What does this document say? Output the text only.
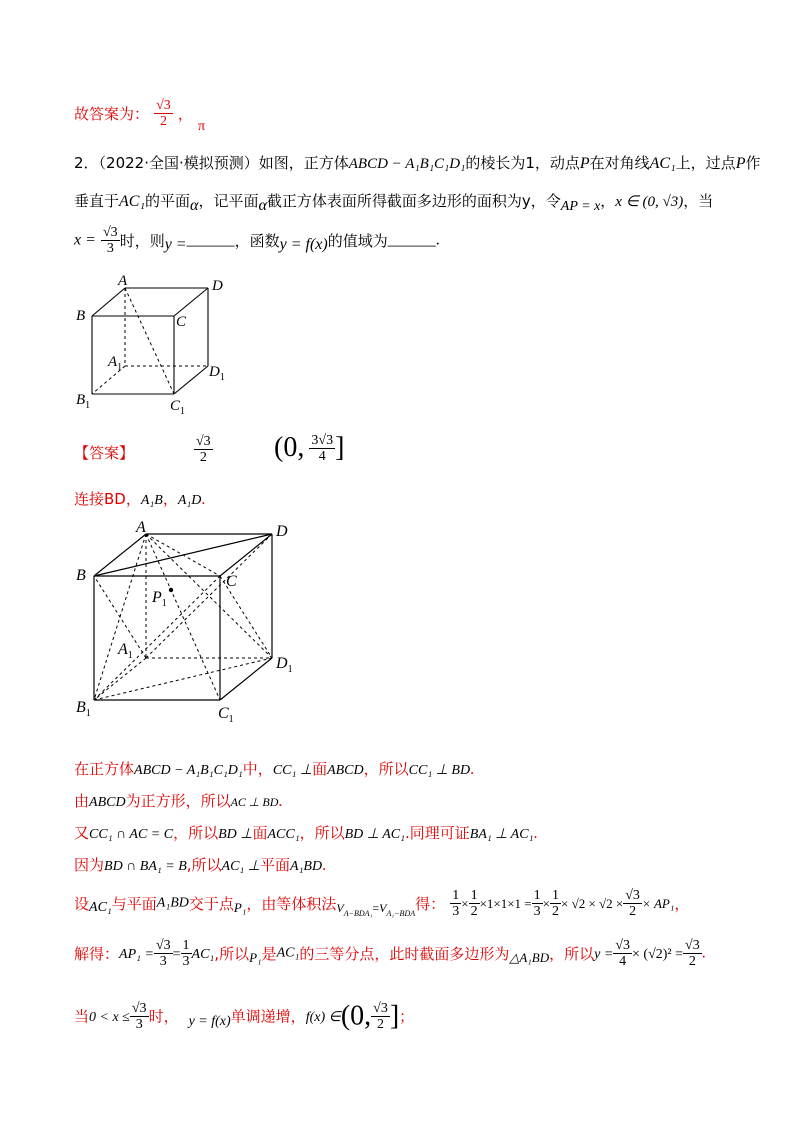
故答案为： $\frac{√3}{2}$ ， π
2．（2022·全国·模拟预测）如图，正方体ABCD − A₁B₁C₁D₁的棱长为1，动点P在对角线AC₁上，过点P作
垂直于AC₁的平面α，记平面α截正方体表面所得截面多边形的面积为y，令AP = x，x ∈ (0, √3)，当
$x = \frac{√3}{3}$ 时，则y =______，函数y = f(x)的值域为______.
A	D
B	C
$A_1$	$D_1$
$B_1$	$C_1$
【答案】	$\frac{√3}{2} (0$, $\frac{3√3}{4}$ ]
连接BD，A₁B，A₁D.
A	D
B	C
$P_1$
$A_1$	$D_1$
$B_1$	$C_1$
在正方体ABCD − A₁B₁C₁D₁中，CC₁ ⊥面ABCD，所以CC₁ ⊥ BD.
由ABCD为正方形，所以AC ⊥ BD.
又CC₁ ∩ AC = C，所以BD ⊥面ACC₁，所以BD ⊥ AC₁.同理可证BA₁ ⊥ AC₁.
因为BD ∩ BA₁ = B,所以AC₁ ⊥平面A₁BD.
设AC₁与平面A₁BD交于点$_{P_1}$，由等体积法$V_{A-BDA_1}=V_{A_1-BDA}$得： $\frac{1}{3} \times \frac{1}{2} \times 1\times 1\times 1 = \frac{1}{3} \times \frac{1}{2} \times √2 \times √2 \times \frac{√3}{2} \times AP_1$，
解得：$AP_1 = \frac{√3}{3} = \frac{1}{3} AC_1$,所以$_{P_1}$是AC₁的三等分点，此时截面多边形为$_{\triangle A_1BD}$，所以$y = \frac{√3}{4} \times (√2)^2 = \frac{√3}{2}$ .
当$0 < x \le \frac{√3}{3}$ 时， y = f(x)单调递增，f(x) ∈(0, $\frac{√3}{2}$ ]；
